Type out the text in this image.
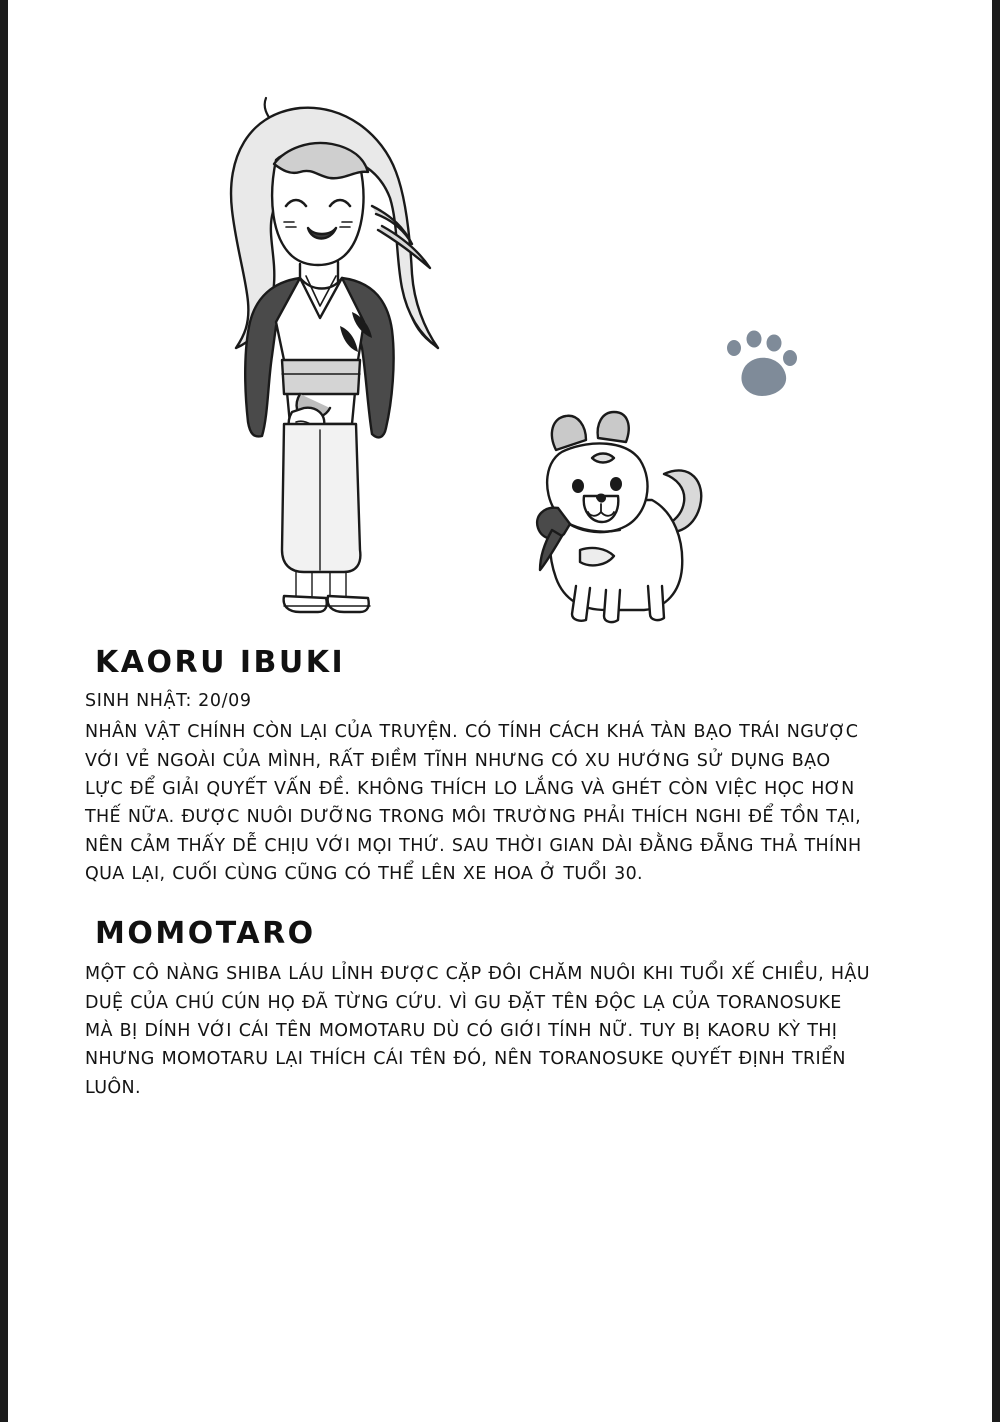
KAORU IBUKI

SINH NHẬT: 20/09

NHÂN VẬT CHÍNH CÒN LẠI CỦA TRUYỆN. CÓ TÍNH CÁCH KHÁ TÀN BẠO TRÁI NGƯỢC VỚI VẺ NGOÀI CỦA MÌNH, RẤT ĐIỀM TĨNH NHƯNG CÓ XU HƯỚNG SỬ DỤNG BẠO LỰC ĐỂ GIẢI QUYẾT VẤN ĐỀ. KHÔNG THÍCH LO LẮNG VÀ GHÉT CÒN VIỆC HỌC HƠN THẾ NỮA. ĐƯỢC NUÔI DƯỠNG TRONG MÔI TRƯỜNG PHẢI THÍCH NGHI ĐỂ TỒN TẠI, NÊN CẢM THẤY DỄ CHỊU VỚI MỌI THỨ. SAU THỜI GIAN DÀI ĐẰNG ĐẴNG THẢ THÍNH QUA LẠI, CUỐI CÙNG CŨNG CÓ THỂ LÊN XE HOA Ở TUỔI 30.

MOMOTARO

MỘT CÔ NÀNG SHIBA LÁU LỈNH ĐƯỢC CẶP ĐÔI CHĂM NUÔI KHI TUỔI XẾ CHIỀU, HẬU DUỆ CỦA CHÚ CÚN HỌ ĐÃ TỪNG CỨU. VÌ GU ĐẶT TÊN ĐỘC LẠ CỦA TORANOSUKE MÀ BỊ DÍNH VỚI CÁI TÊN MOMOTARU DÙ CÓ GIỚI TÍNH NỮ. TUY BỊ KAORU KỲ THỊ NHƯNG MOMOTARU LẠI THÍCH CÁI TÊN ĐÓ, NÊN TORANOSUKE QUYẾT ĐỊNH TRIỂN LUÔN.
